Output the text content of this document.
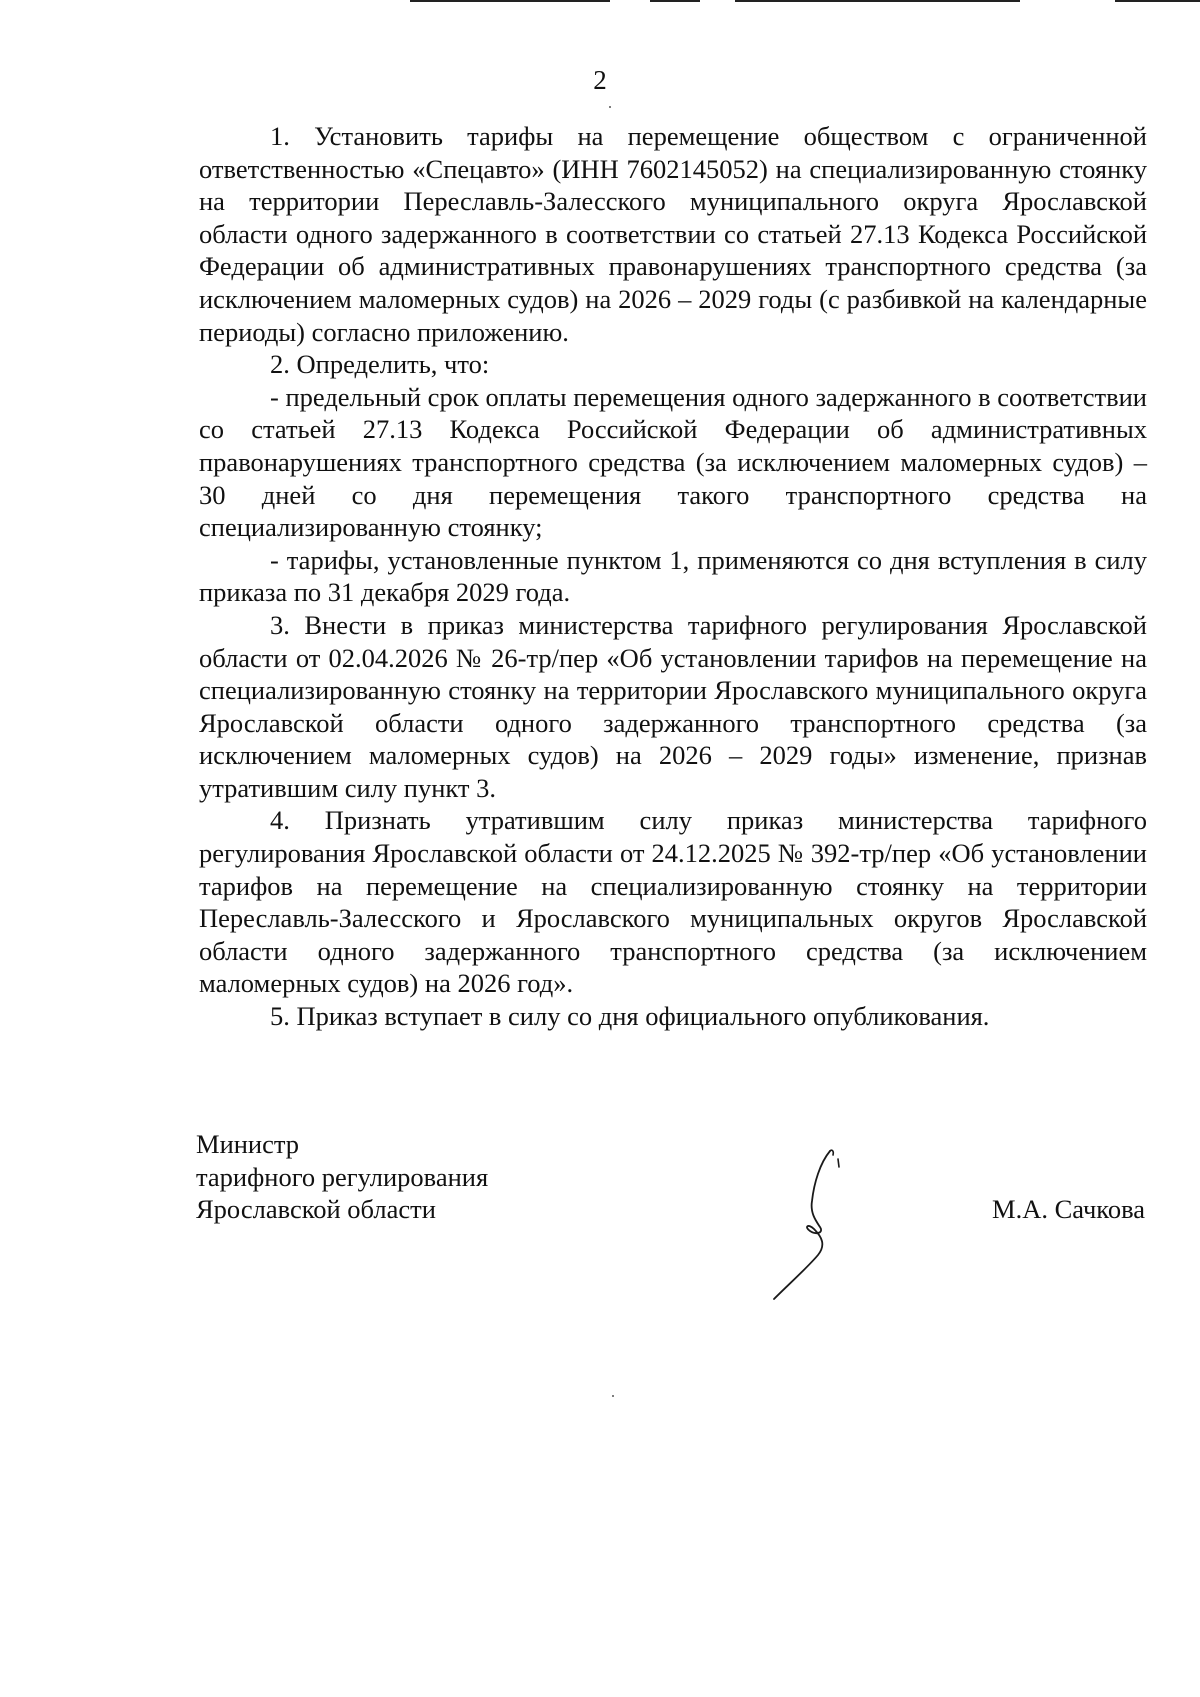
2

1. Установить тарифы на перемещение обществом с ограниченной ответственностью «Спецавто» (ИНН 7602145052) на специализированную стоянку на территории Переславль-Залесского муниципального округа Ярославской области одного задержанного в соответствии со статьей 27.13 Кодекса Российской Федерации об административных правонарушениях транспортного средства (за исключением маломерных судов) на 2026 – 2029 годы (с разбивкой на календарные периоды) согласно приложению.

2. Определить, что:

- предельный срок оплаты перемещения одного задержанного в соответствии со статьей 27.13 Кодекса Российской Федерации об административных правонарушениях транспортного средства (за исключением маломерных судов) – 30 дней со дня перемещения такого транспортного средства на специализированную стоянку;

- тарифы, установленные пунктом 1, применяются со дня вступления в силу приказа по 31 декабря 2029 года.

3. Внести в приказ министерства тарифного регулирования Ярославской области от 02.04.2026 № 26-тр/пер «Об установлении тарифов на перемещение на специализированную стоянку на территории Ярославского муниципального округа Ярославской области одного задержанного транспортного средства (за исключением маломерных судов) на 2026 – 2029 годы» изменение, признав утратившим силу пункт 3.

4. Признать утратившим силу приказ министерства тарифного регулирования Ярославской области от 24.12.2025 № 392-тр/пер «Об установлении тарифов на перемещение на специализированную стоянку на территории Переславль-Залесского и Ярославского муниципальных округов Ярославской области одного задержанного транспортного средства (за исключением маломерных судов) на 2026 год».

5. Приказ вступает в силу со дня официального опубликования.

Министр
тарифного регулирования
Ярославской области	М.А. Сачкова
